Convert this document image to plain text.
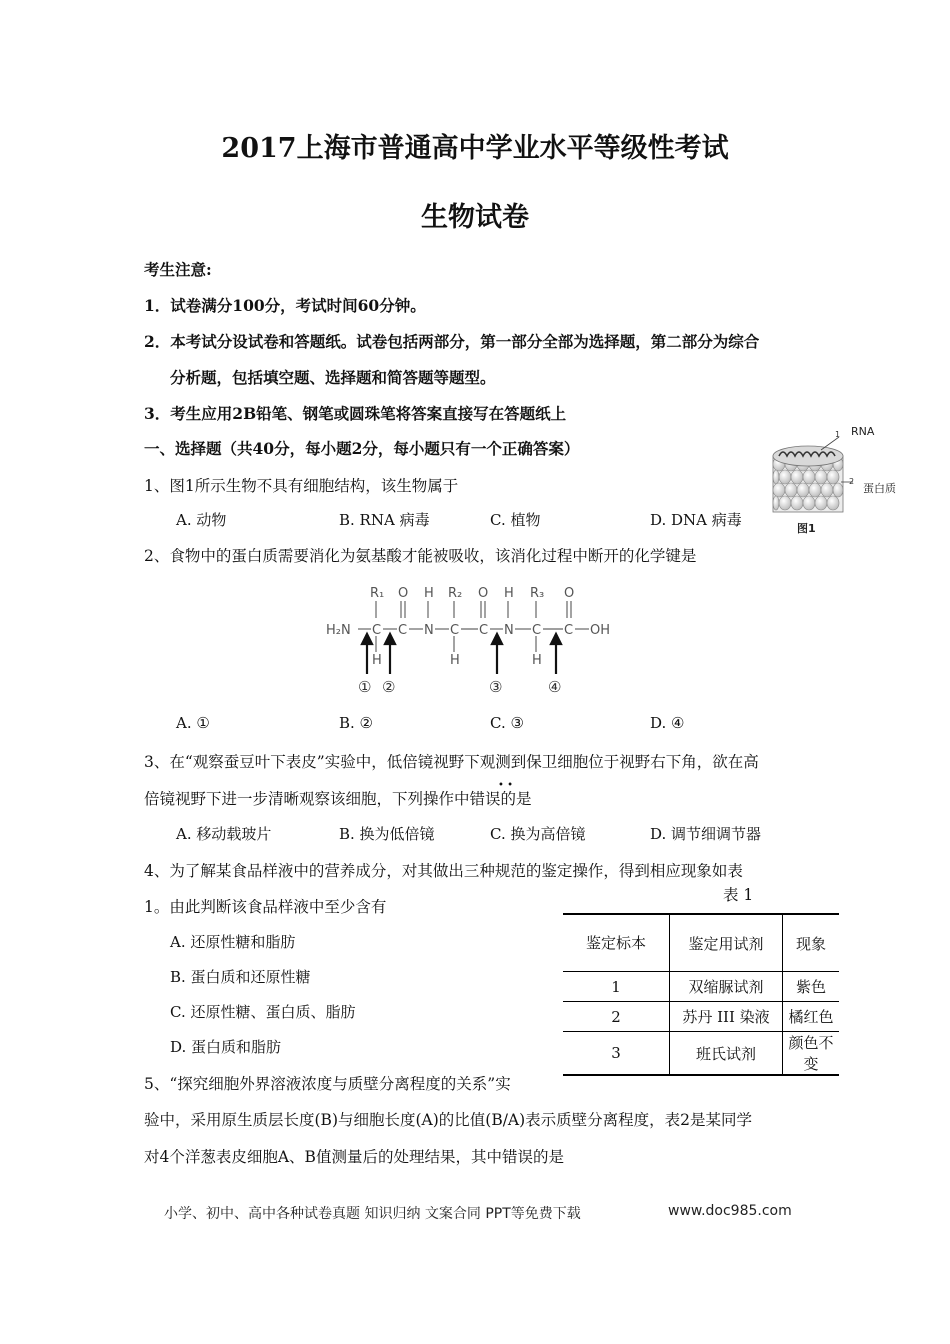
2017上海市普通高中学业水平等级性考试
生物试卷
考生注意:
1．试卷满分100分，考试时间60分钟。
2．本考试分设试卷和答题纸。试卷包括两部分，第一部分全部为选择题，第二部分为综合
分析题，包括填空题、选择题和简答题等题型。
3．考生应用2B铅笔、钢笔或圆珠笔将答案直接写在答题纸上
一、选择题（共40分，每小题2分，每小题只有一个正确答案）
1
2
RNA
蛋白质
图1
1、图1所示生物不具有细胞结构，该生物属于
A. 动物	B. RNA 病毒	C. 植物	D. DNA 病毒
2、食物中的蛋白质需要消化为氨基酸才能被吸收，该消化过程中断开的化学键是
R₁ O H R₂ O H R₃ O
H₂N C C N C C N C C OH
H	H	H
① ②	③	④
A. ①	B. ②	C. ③	D. ④
3、在“观察蚕豆叶下表皮”实验中，低倍镜视野下观测到保卫细胞位于视野右下角，欲在高
• •
倍镜视野下进一步清晰观察该细胞，下列操作中错误的是
A. 移动载玻片	B. 换为低倍镜	C. 换为高倍镜	D. 调节细调节器
4、为了解某食品样液中的营养成分，对其做出三种规范的鉴定操作，得到相应现象如表
表 1
1。由此判断该食品样液中至少含有
A. 还原性糖和脂肪
B. 蛋白质和还原性糖
C. 还原性糖、蛋白质、脂肪
D. 蛋白质和脂肪
鉴定标本	鉴定用试剂	现象
1	双缩脲试剂	紫色
2	苏丹 III 染液	橘红色
3	班氏试剂	颜色不变
5、“探究细胞外界溶液浓度与质壁分离程度的关系”实
验中，采用原生质层长度(B)与细胞长度(A)的比值(B/A)表示质壁分离程度，表2是某同学
对4个洋葱表皮细胞A、B值测量后的处理结果，其中错误的是
小学、初中、高中各种试卷真题 知识归纳 文案合同 PPT等免费下载	www.doc985.com
